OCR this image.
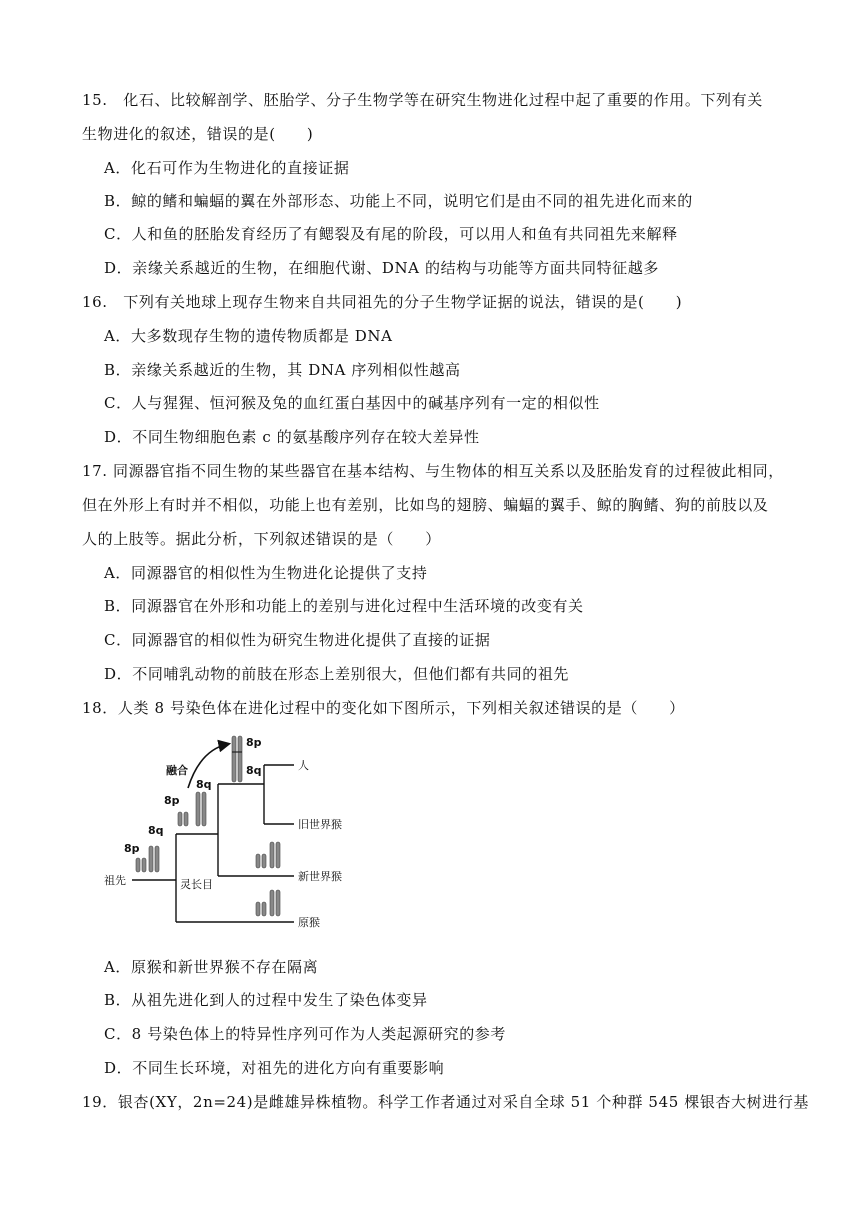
15.　化石、比较解剖学、胚胎学、分子生物学等在研究生物进化过程中起了重要的作用。下列有关
生物进化的叙述，错误的是(　　)
A．化石可作为生物进化的直接证据
B．鲸的鳍和蝙蝠的翼在外部形态、功能上不同，说明它们是由不同的祖先进化而来的
C．人和鱼的胚胎发育经历了有鳃裂及有尾的阶段，可以用人和鱼有共同祖先来解释
D．亲缘关系越近的生物，在细胞代谢、DNA 的结构与功能等方面共同特征越多
16.　下列有关地球上现存生物来自共同祖先的分子生物学证据的说法，错误的是(　　)
A．大多数现存生物的遗传物质都是 DNA
B．亲缘关系越近的生物，其 DNA 序列相似性越高
C．人与猩猩、恒河猴及兔的血红蛋白基因中的碱基序列有一定的相似性
D．不同生物细胞色素 c 的氨基酸序列存在较大差异性
17. 同源器官指不同生物的某些器官在基本结构、与生物体的相互关系以及胚胎发育的过程彼此相同，
但在外形上有时并不相似，功能上也有差别，比如鸟的翅膀、蝙蝠的翼手、鲸的胸鳍、狗的前肢以及
人的上肢等。据此分析，下列叙述错误的是（　　）
A．同源器官的相似性为生物进化论提供了支持
B．同源器官在外形和功能上的差别与进化过程中生活环境的改变有关
C．同源器官的相似性为研究生物进化提供了直接的证据
D．不同哺乳动物的前肢在形态上差别很大，但他们都有共同的祖先
18．人类 8 号染色体在进化过程中的变化如下图所示，下列相关叙述错误的是（　　）
融合
8p
8q
8p
8q
8p
8q
祖先	灵长目
人
旧世界猴
新世界猴
原猴
A．原猴和新世界猴不存在隔离
B．从祖先进化到人的过程中发生了染色体变异
C．8 号染色体上的特异性序列可作为人类起源研究的参考
D．不同生长环境，对祖先的进化方向有重要影响
19．银杏(XY，2n=24)是雌雄异株植物。科学工作者通过对采自全球 51 个种群 545 棵银杏大树进行基
